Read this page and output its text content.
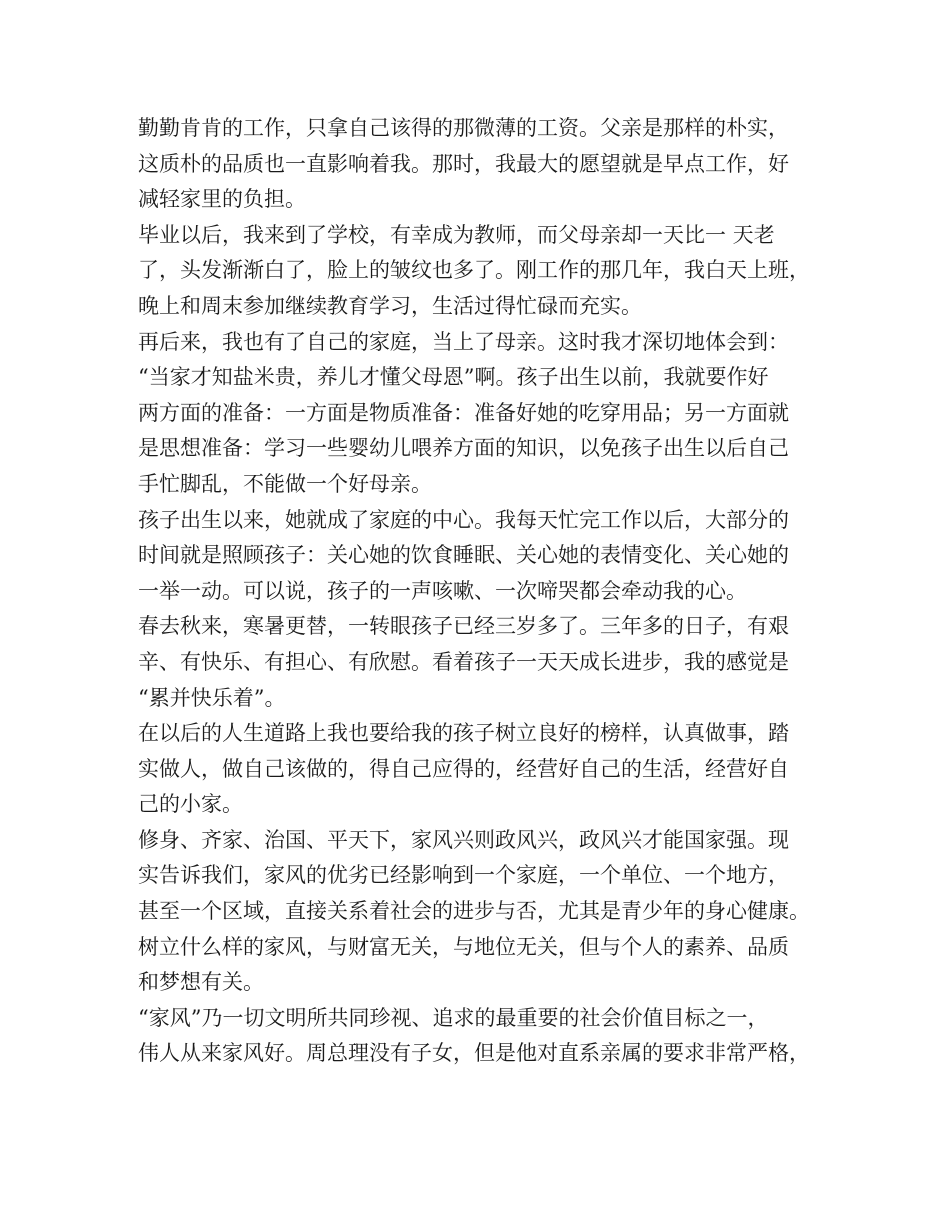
勤勤肯肯的工作，只拿自己该得的那微薄的工资。父亲是那样的朴实，
这质朴的品质也一直影响着我。那时，我最大的愿望就是早点工作，好
减轻家里的负担。
毕业以后，我来到了学校，有幸成为教师，而父母亲却一天比一 天老
了，头发渐渐白了，脸上的皱纹也多了。刚工作的那几年，我白天上班，
晚上和周末参加继续教育学习，生活过得忙碌而充实。
再后来，我也有了自己的家庭，当上了母亲。这时我才深切地体会到：
“当家才知盐米贵，养儿才懂父母恩”啊。孩子出生以前，我就要作好
两方面的准备：一方面是物质准备：准备好她的吃穿用品；另一方面就
是思想准备：学习一些婴幼儿喂养方面的知识，以免孩子出生以后自己
手忙脚乱，不能做一个好母亲。
孩子出生以来，她就成了家庭的中心。我每天忙完工作以后，大部分的
时间就是照顾孩子：关心她的饮食睡眠、关心她的表情变化、关心她的
一举一动。可以说，孩子的一声咳嗽、一次啼哭都会牵动我的心。
春去秋来，寒暑更替，一转眼孩子已经三岁多了。三年多的日子，有艰
辛、有快乐、有担心、有欣慰。看着孩子一天天成长进步，我的感觉是
“累并快乐着”。
在以后的人生道路上我也要给我的孩子树立良好的榜样，认真做事，踏
实做人，做自己该做的，得自己应得的，经营好自己的生活，经营好自
己的小家。
修身、齐家、治国、平天下，家风兴则政风兴，政风兴才能国家强。现
实告诉我们，家风的优劣已经影响到一个家庭，一个单位、一个地方，
甚至一个区域，直接关系着社会的进步与否，尤其是青少年的身心健康。
树立什么样的家风，与财富无关，与地位无关，但与个人的素养、品质
和梦想有关。
“家风”乃一切文明所共同珍视、追求的最重要的社会价值目标之一，
伟人从来家风好。周总理没有子女，但是他对直系亲属的要求非常严格，
